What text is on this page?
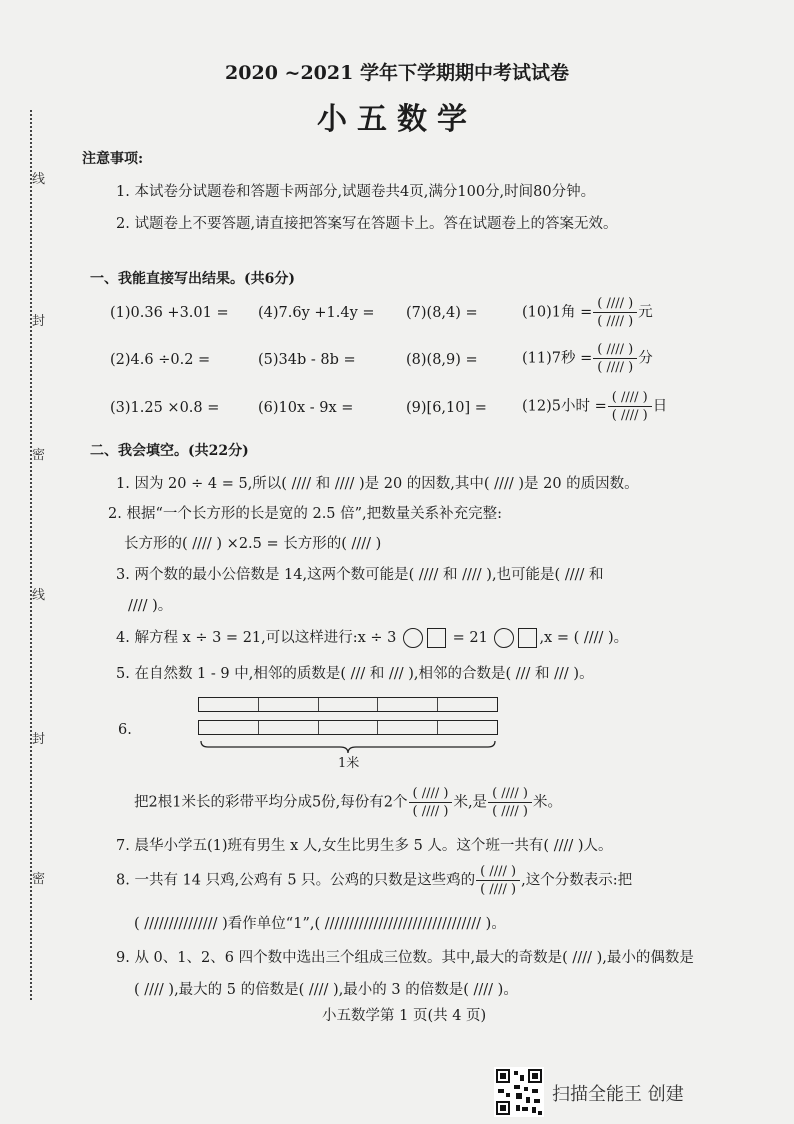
2020 ~2021 学年下学期期中考试试卷
小五数学
线
封
密
线
封
密
注意事项:
1. 本试卷分试题卷和答题卡两部分,试题卷共4页,满分100分,时间80分钟。
2. 试题卷上不要答题,请直接把答案写在答题卡上。答在试题卷上的答案无效。
一、我能直接写出结果。(共6分)
(1)0.36 +3.01 = (4)7.6y +1.4y = (7)(8,4) =	(10)1角 = $\frac{( //// )}{( //// )}$ 元
(2)4.6 ÷0.2 =	(5)34b - 8b =	(8)(8,9) =	(11)7秒 = $\frac{( //// )}{( //// )}$ 分
(3)1.25 ×0.8 =	(6)10x - 9x =	(9)[6,10] = (12)5小时 = $\frac{( //// )}{( //// )}$ 日
二、我会填空。(共22分)
1. 因为 20 ÷ 4 = 5,所以( //// 和 //// )是 20 的因数,其中( //// )是 20 的质因数。
2. 根据“一个长方形的长是宽的 2.5 倍”,把数量关系补充完整:
长方形的( //// ) ×2.5 = 长方形的( //// )
3. 两个数的最小公倍数是 14,这两个数可能是( //// 和 //// ),也可能是( //// 和
//// )。
4. 解方程 x ÷ 3 = 21,可以这样进行:x ÷ 3	= 21	,x = ( //// )。
5. 在自然数 1 - 9 中,相邻的质数是( /// 和 /// ),相邻的合数是( /// 和 /// )。
6.
1米
把2根1米长的彩带平均分成5份,每份有2个 $\frac{( //// )}{( //// )}$ 米,是 $\frac{( //// )}{( //// )}$ 米。
7. 晨华小学五(1)班有男生 x 人,女生比男生多 5 人。这个班一共有( //// )人。
8. 一共有 14 只鸡,公鸡有 5 只。公鸡的只数是这些鸡的 $\frac{( //// )}{( //// )}$ ,这个分数表示:把
( /////////////// )看作单位“1”,( //////////////////////////////// )。
9. 从 0、1、2、6 四个数中选出三个组成三位数。其中,最大的奇数是( //// ),最小的偶数是
( //// ),最大的 5 的倍数是( //// ),最小的 3 的倍数是( //// )。
小五数学第 1 页(共 4 页)
扫描全能王 创建
